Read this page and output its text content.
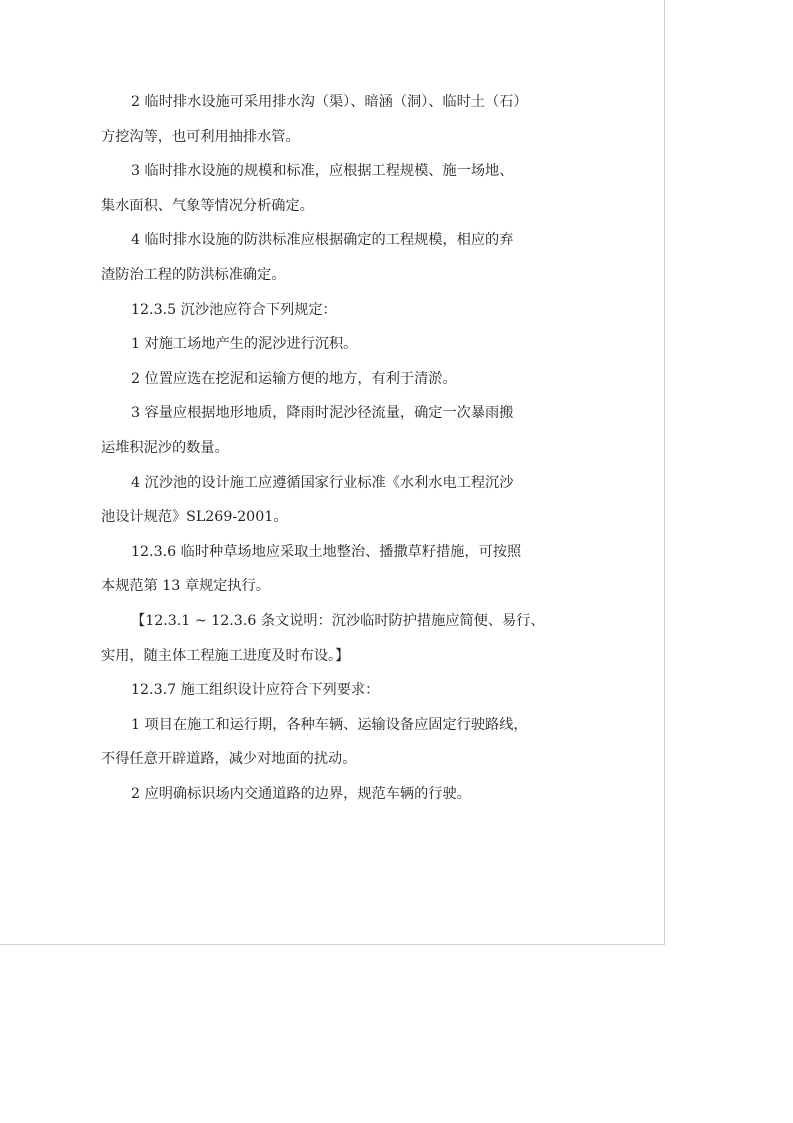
2 临时排水设施可采用排水沟（渠）、暗涵（洞）、临时土（石）
方挖沟等，也可利用抽排水管。
3 临时排水设施的规模和标准，应根据工程规模、施一场地、
集水面积、气象等情况分析确定。
4 临时排水设施的防洪标准应根据确定的工程规模，相应的弃
渣防治工程的防洪标准确定。
12.3.5 沉沙池应符合下列规定：
1 对施工场地产生的泥沙进行沉积。
2 位置应选在挖泥和运输方便的地方，有利于清淤。
3 容量应根据地形地质，降雨时泥沙径流量，确定一次暴雨搬
运堆积泥沙的数量。
4 沉沙池的设计施工应遵循国家行业标准《水利水电工程沉沙
池设计规范》SL269-2001。
12.3.6 临时种草场地应采取土地整治、播撒草籽措施，可按照
本规范第 13 章规定执行。
【12.3.1 ~ 12.3.6 条文说明：沉沙临时防护措施应简便、易行、
实用，随主体工程施工进度及时布设。】
12.3.7 施工组织设计应符合下列要求：
1 项目在施工和运行期，各种车辆、运输设备应固定行驶路线，
不得任意开辟道路，减少对地面的扰动。
2 应明确标识场内交通道路的边界，规范车辆的行驶。
